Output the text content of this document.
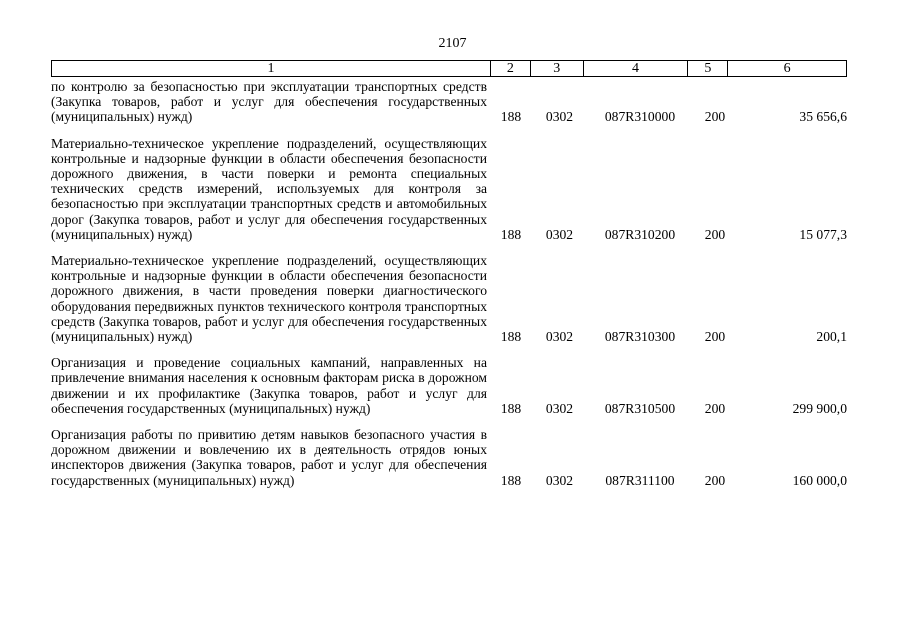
2107
1	2	3	4	5	6
по контролю за безопасностью при эксплуатации транспортных средств (Закупка товаров, работ и услуг для обеспечения государственных (муниципальных) нужд)	188	0302	087R310000	200	35 656,6
Материально-техническое укрепление подразделений, осуществляющих контрольные и надзорные функции в области обеспечения безопасности дорожного движения, в части поверки и ремонта специальных технических средств измерений, используемых для контроля за безопасностью при эксплуатации транспортных средств и автомобильных дорог (Закупка товаров, работ и услуг для обеспечения государственных (муниципальных) нужд)	188	0302	087R310200	200	15 077,3
Материально-техническое укрепление подразделений, осуществляющих контрольные и надзорные функции в области обеспечения безопасности дорожного движения, в части проведения поверки диагностического оборудования передвижных пунктов технического контроля транспортных средств (Закупка товаров, работ и услуг для обеспечения государственных (муниципальных) нужд)	188	0302	087R310300	200	200,1
Организация и проведение социальных кампаний, направленных на привлечение внимания населения к основным факторам риска в дорожном движении и их профилактике (Закупка товаров, работ и услуг для обеспечения государственных (муниципальных) нужд)	188	0302	087R310500	200	299 900,0
Организация работы по привитию детям навыков безопасного участия в дорожном движении и вовлечению их в деятельность отрядов юных инспекторов движения (Закупка товаров, работ и услуг для обеспечения государственных (муниципальных) нужд)	188	0302	087R311100	200	160 000,0
